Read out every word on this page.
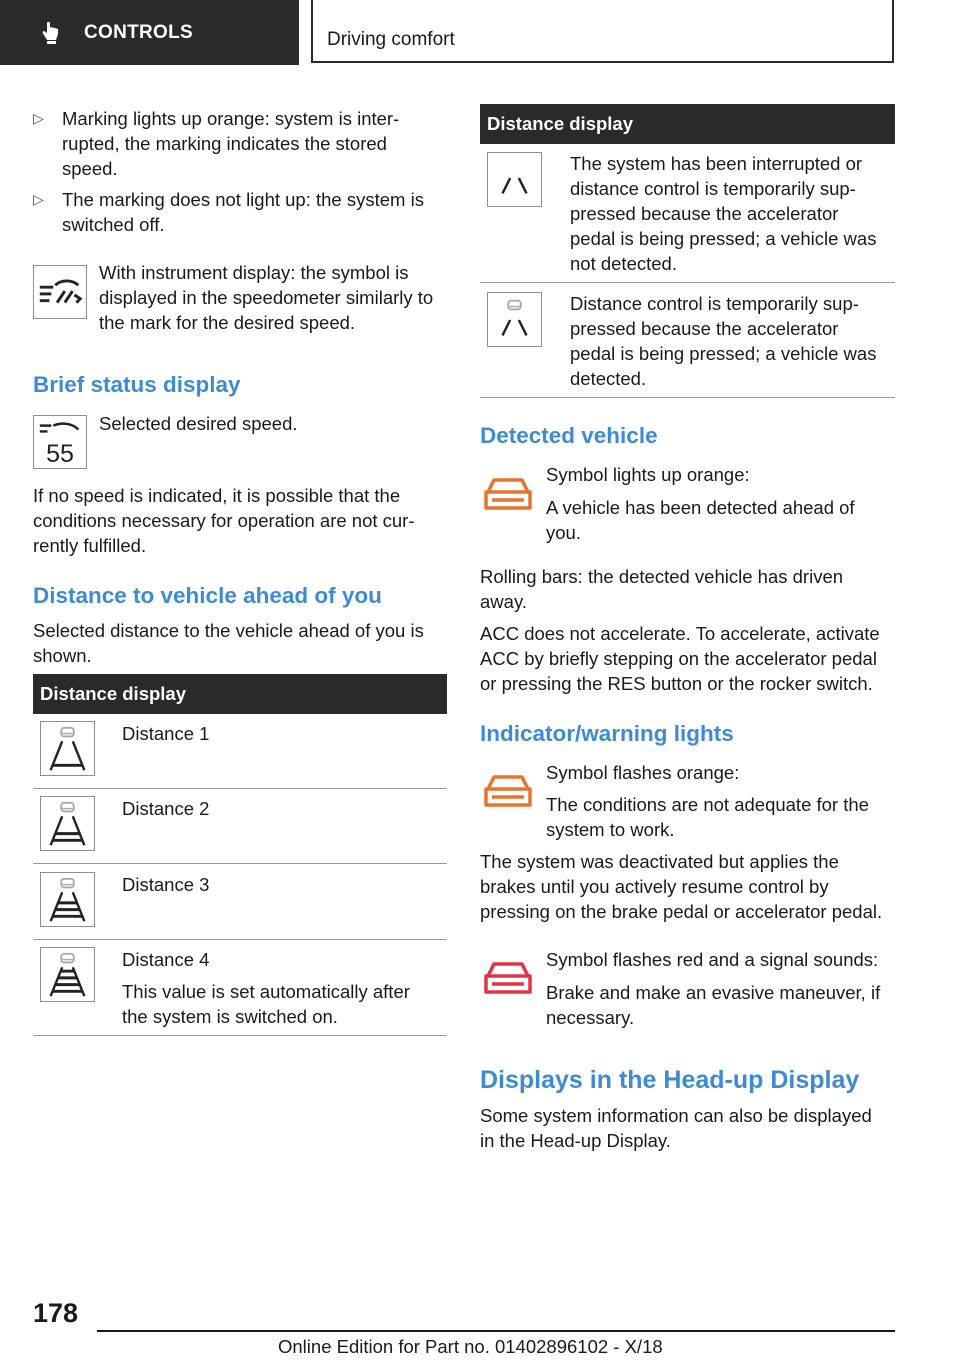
CONTROLS	Driving comfort
▷ Marking lights up orange: system is inter-
rupted, the marking indicates the stored
speed.
▷ The marking does not light up: the system is
switched off.

With instrument display: the symbol is
displayed in the speedometer similarly to
the mark for the desired speed.

Brief status display
55

Selected desired speed.

If no speed is indicated, it is possible that the
conditions necessary for operation are not cur-
rently fulfilled.

Distance to vehicle ahead of you

Selected distance to the vehicle ahead of you is
shown.

Distance display

Distance 1

Distance 2

Distance 3

Distance 4

This value is set automatically after
the system is switched on.

Distance display

The system has been interrupted or
distance control is temporarily sup-
pressed because the accelerator
pedal is being pressed; a vehicle was
not detected.

Distance control is temporarily sup-
pressed because the accelerator
pedal is being pressed; a vehicle was
detected.

Detected vehicle

Symbol lights up orange:

A vehicle has been detected ahead of
you.

Rolling bars: the detected vehicle has driven
away.

ACC does not accelerate. To accelerate, activate
ACC by briefly stepping on the accelerator pedal
or pressing the RES button or the rocker switch.

Indicator/warning lights

Symbol flashes orange:

The conditions are not adequate for the
system to work.

The system was deactivated but applies the
brakes until you actively resume control by
pressing on the brake pedal or accelerator pedal.

Symbol flashes red and a signal sounds:

Brake and make an evasive maneuver, if
necessary.

Displays in the Head-up Display

Some system information can also be displayed
in the Head-up Display.

178
Online Edition for Part no. 01402896102 - X/18
